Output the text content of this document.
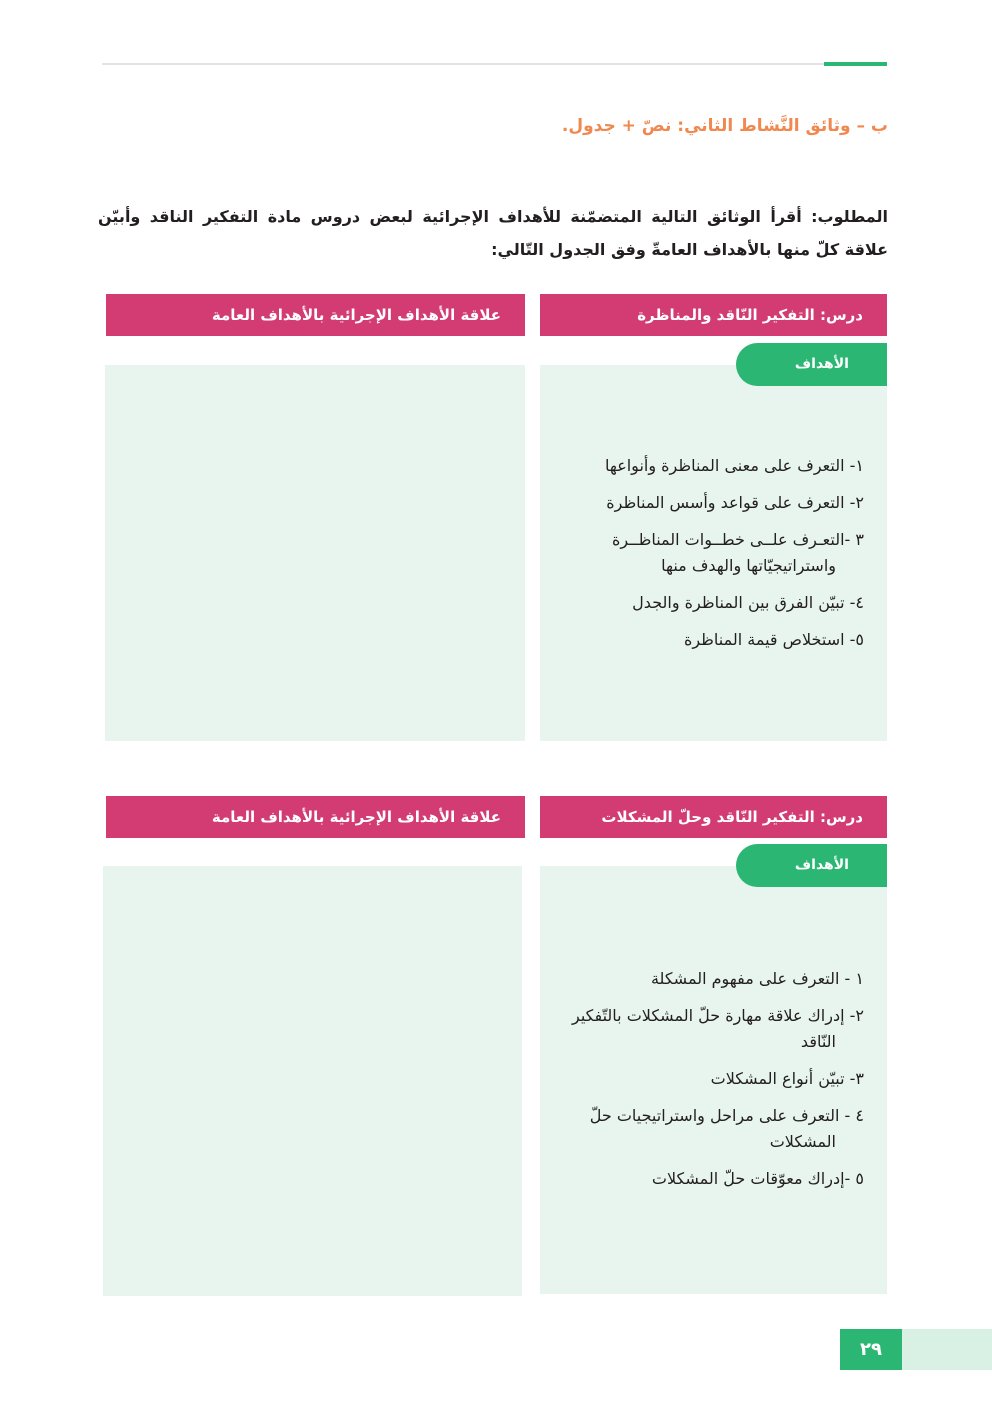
ب – وثائق النَّشاط الثاني: نصّ + جدول.
المطلوب: أقرأ الوثائق التالية المتضمّنة للأهداف الإجرائية لبعض دروس مادة التفكير الناقد وأبيّن علاقة كلّ منها بالأهداف العامةّ وفق الجدول التّالي:
درس: التفكير النّاقد والمناظرة
علاقة الأهداف الإجرائية بالأهداف العامة
الأهداف
١- التعرف على معنى المناظرة وأنواعها
٢- التعرف على قواعد وأسس المناظرة
٣ -التعـرف علــى خطــوات المناظــرة واستراتيجيّاتها والهدف منها
٤- تبيّن الفرق بين المناظرة والجدل
٥- استخلاص قيمة المناظرة
درس: التفكير النّاقد وحلّ المشكلات
علاقة الأهداف الإجرائية بالأهداف العامة
الأهداف
١ - التعرف على مفهوم المشكلة
٢- إدراك علاقة مهارة حلّ المشكلات بالتّفكير النّاقد
٣- تبيّن أنواع المشكلات
٤ - التعرف على مراحل واستراتيجيات حلّ المشكلات
٥ -إدراك معوّقات حلّ المشكلات
٢٩
